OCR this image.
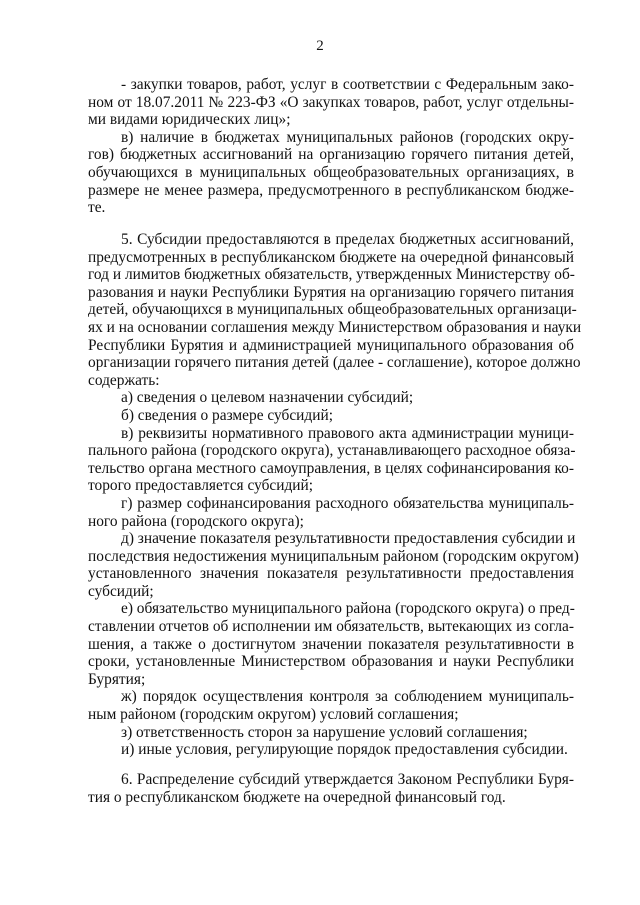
2
- закупки товаров, работ, услуг в соответствии с Федеральным зако-
ном от 18.07.2011 № 223-ФЗ «О закупках товаров, работ, услуг отдельны-
ми видами юридических лиц»;
в) наличие в бюджетах муниципальных районов (городских окру-
гов) бюджетных ассигнований на организацию горячего питания детей,
обучающихся в муниципальных общеобразовательных организациях, в
размере не менее размера, предусмотренного в республиканском бюдже-
те.
5. Субсидии предоставляются в пределах бюджетных ассигнований,
предусмотренных в республиканском бюджете на очередной финансовый
год и лимитов бюджетных обязательств, утвержденных Министерству об-
разования и науки Республики Бурятия на организацию горячего питания
детей, обучающихся в муниципальных общеобразовательных организаци-
ях и на основании соглашения между Министерством образования и науки
Республики Бурятия и администрацией муниципального образования об
организации горячего питания детей (далее - соглашение), которое должно
содержать:
а) сведения о целевом назначении субсидий;
б) сведения о размере субсидий;
в) реквизиты нормативного правового акта администрации муници-
пального района (городского округа), устанавливающего расходное обяза-
тельство органа местного самоуправления, в целях софинансирования ко-
торого предоставляется субсидий;
г) размер софинансирования расходного обязательства муниципаль-
ного района (городского округа);
д) значение показателя результативности предоставления субсидии и
последствия недостижения муниципальным районом (городским округом)
установленного значения показателя результативности предоставления
субсидий;
е) обязательство муниципального района (городского округа) о пред-
ставлении отчетов об исполнении им обязательств, вытекающих из согла-
шения, а также о достигнутом значении показателя результативности в
сроки, установленные Министерством образования и науки Республики
Бурятия;
ж) порядок осуществления контроля за соблюдением муниципаль-
ным районом (городским округом) условий соглашения;
з) ответственность сторон за нарушение условий соглашения;
и) иные условия, регулирующие порядок предоставления субсидии.
6. Распределение субсидий утверждается Законом Республики Буря-
тия о республиканском бюджете на очередной финансовый год.
